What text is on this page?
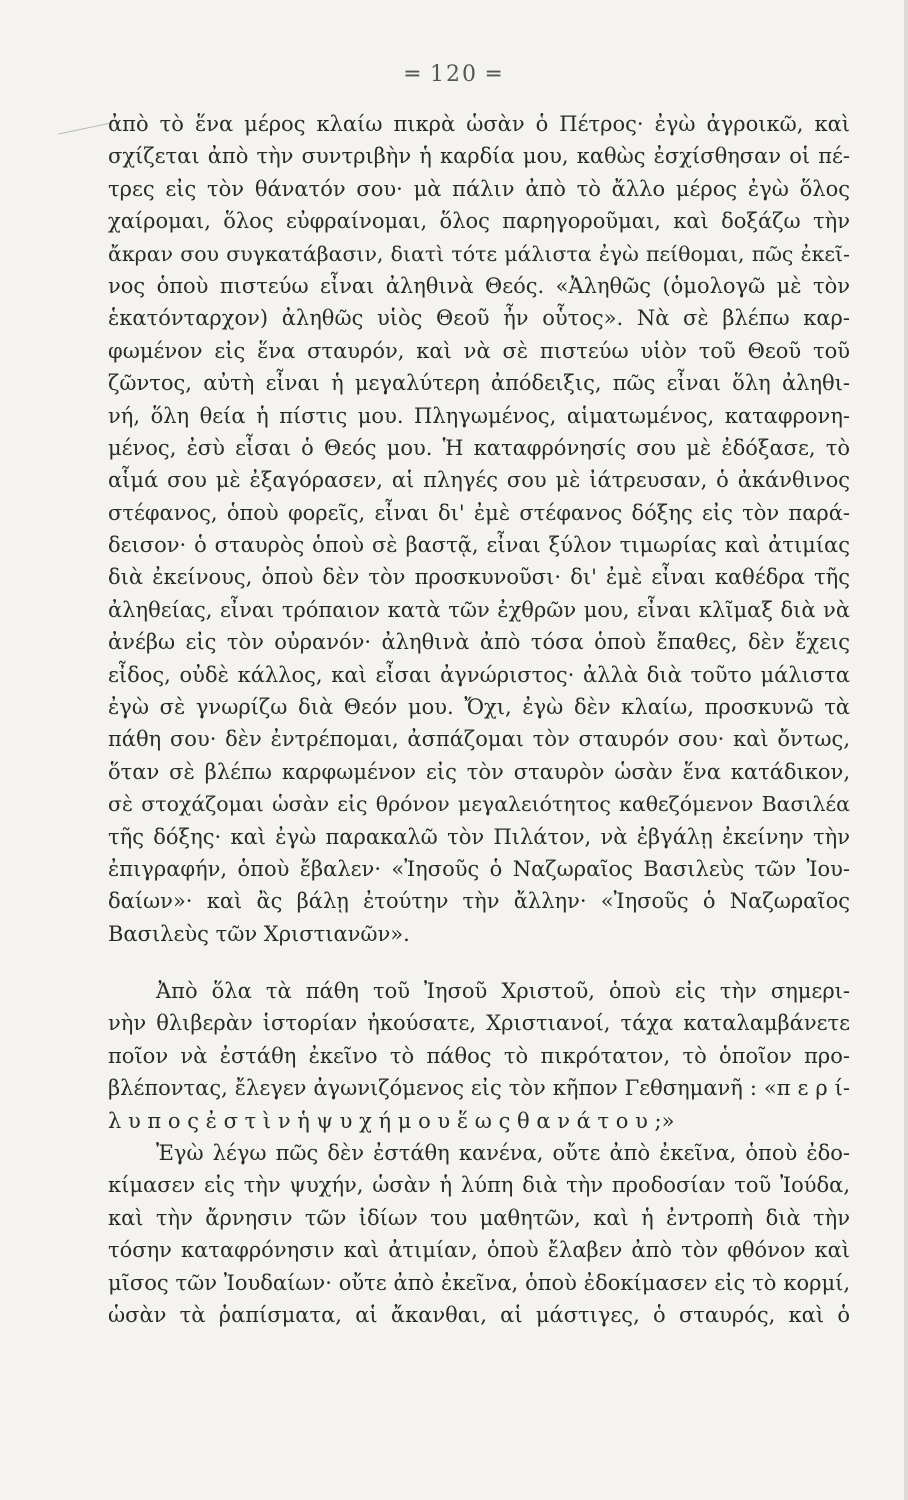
═ 120 ═
ἀπὸ τὸ ἕνα μέρος κλαίω πικρὰ ὡσὰν ὁ Πέτρος· ἐγὼ ἀγροικῶ, καὶ
σχίζεται ἀπὸ τὴν συντριβὴν ἡ καρδία μου, καθὼς ἐσχίσθησαν οἱ πέ-
τρες εἰς τὸν θάνατόν σου· μὰ πάλιν ἀπὸ τὸ ἄλλο μέρος ἐγὼ ὅλος
χαίρομαι, ὅλος εὐφραίνομαι, ὅλος παρηγοροῦμαι, καὶ δοξάζω τὴν
ἄκραν σου συγκατάβασιν, διατὶ τότε μάλιστα ἐγὼ πείθομαι, πῶς ἐκεῖ-
νος ὁποὺ πιστεύω εἶναι ἀληθινὰ Θεός. «Ἀληθῶς (ὁμολογῶ μὲ τὸν
ἑκατόνταρχον) ἀληθῶς υἱὸς Θεοῦ ἦν οὗτος». Νὰ σὲ βλέπω καρ-
φωμένον εἰς ἕνα σταυρόν, καὶ νὰ σὲ πιστεύω υἱὸν τοῦ Θεοῦ τοῦ
ζῶντος, αὐτὴ εἶναι ἡ μεγαλύτερη ἀπόδειξις, πῶς εἶναι ὅλη ἀληθι-
νή, ὅλη θεία ἡ πίστις μου. Πληγωμένος, αἱματωμένος, καταφρονη-
μένος, ἐσὺ εἶσαι ὁ Θεός μου. Ἡ καταφρόνησίς σου μὲ ἐδόξασε, τὸ
αἷμά σου μὲ ἐξαγόρασεν, αἱ πληγές σου μὲ ἰάτρευσαν, ὁ ἀκάνθινος
στέφανος, ὁποὺ φορεῖς, εἶναι δι' ἐμὲ στέφανος δόξης εἰς τὸν παρά-
δεισον· ὁ σταυρὸς ὁποὺ σὲ βαστᾷ, εἶναι ξύλον τιμωρίας καὶ ἀτιμίας
διὰ ἐκείνους, ὁποὺ δὲν τὸν προσκυνοῦσι· δι' ἐμὲ εἶναι καθέδρα τῆς
ἀληθείας, εἶναι τρόπαιον κατὰ τῶν ἐχθρῶν μου, εἶναι κλῖμαξ διὰ νὰ
ἀνέβω εἰς τὸν οὐρανόν· ἀληθινὰ ἀπὸ τόσα ὁποὺ ἔπαθες, δὲν ἔχεις
εἶδος, οὐδὲ κάλλος, καὶ εἶσαι ἀγνώριστος· ἀλλὰ διὰ τοῦτο μάλιστα
ἐγὼ σὲ γνωρίζω διὰ Θεόν μου. Ὄχι, ἐγὼ δὲν κλαίω, προσκυνῶ τὰ
πάθη σου· δὲν ἐντρέπομαι, ἀσπάζομαι τὸν σταυρόν σου· καὶ ὄντως,
ὅταν σὲ βλέπω καρφωμένον εἰς τὸν σταυρὸν ὡσὰν ἕνα κατάδικον,
σὲ στοχάζομαι ὡσὰν εἰς θρόνον μεγαλειότητος καθεζόμενον Βασιλέα
τῆς δόξης· καὶ ἐγὼ παρακαλῶ τὸν Πιλάτον, νὰ ἐβγάλῃ ἐκείνην τὴν
ἐπιγραφήν, ὁποὺ ἔβαλεν· «Ἰησοῦς ὁ Ναζωραῖος Βασιλεὺς τῶν Ἰου-
δαίων»· καὶ ἂς βάλῃ ἐτούτην τὴν ἄλλην· «Ἰησοῦς ὁ Ναζωραῖος
Βασιλεὺς τῶν Χριστιανῶν».
Ἀπὸ ὅλα τὰ πάθη τοῦ Ἰησοῦ Χριστοῦ, ὁποὺ εἰς τὴν σημερι-
νὴν θλιβερὰν ἱστορίαν ἠκούσατε, Χριστιανοί, τάχα καταλαμβάνετε
ποῖον νὰ ἐστάθη ἐκεῖνο τὸ πάθος τὸ πικρότατον, τὸ ὁποῖον προ-
βλέποντας, ἔλεγεν ἀγωνιζόμενος εἰς τὸν κῆπον Γεθσημανῆ : «π ε ρ ί-
λ υ π ο ς ἐ σ τ ὶ ν ἡ ψ υ χ ή μ ο υ ἕ ω ς θ α ν ά τ ο υ ;»
Ἐγὼ λέγω πῶς δὲν ἐστάθη κανένα, οὔτε ἀπὸ ἐκεῖνα, ὁποὺ ἐδο-
κίμασεν εἰς τὴν ψυχήν, ὡσὰν ἡ λύπη διὰ τὴν προδοσίαν τοῦ Ἰούδα,
καὶ τὴν ἄρνησιν τῶν ἰδίων του μαθητῶν, καὶ ἡ ἐντροπὴ διὰ τὴν
τόσην καταφρόνησιν καὶ ἀτιμίαν, ὁποὺ ἔλαβεν ἀπὸ τὸν φθόνον καὶ
μῖσος τῶν Ἰουδαίων· οὔτε ἀπὸ ἐκεῖνα, ὁποὺ ἐδοκίμασεν εἰς τὸ κορμί,
ὡσὰν τὰ ῥαπίσματα, αἱ ἄκανθαι, αἱ μάστιγες, ὁ σταυρός, καὶ ὁ
